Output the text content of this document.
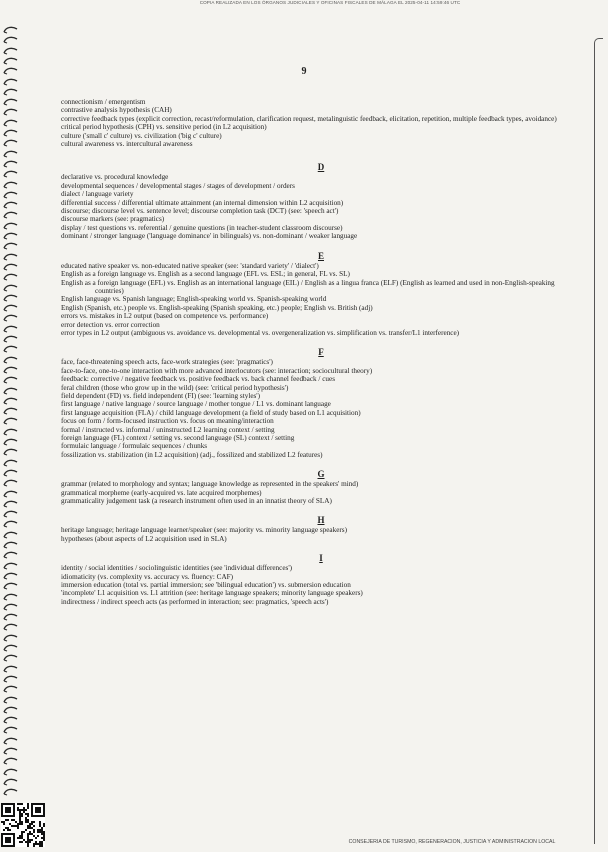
COPIA REALIZADA EN LOS ÓRGANOS JUDICIALES Y OFICINAS FISCALES DE MÁLAGA EL 2025-04-11 14:59:46 UTC
9

connectionism / emergentism

contrastive analysis hypothesis (CAH)

corrective feedback types (explicit correction, recast/reformulation, clarification request, metalinguistic feedback, elicitation, repetition, multiple feedback types, avoidance)

critical period hypothesis (CPH) vs. sensitive period (in L2 acquisition)

culture ('small c' culture) vs. civilization ('big c' culture)

cultural awareness vs. intercultural awareness

D

declarative vs. procedural knowledge

developmental sequences / developmental stages / stages of development / orders

dialect / language variety

differential success / differential ultimate attainment (an internal dimension within L2 acquisition)

discourse; discourse level vs. sentence level; discourse completion task (DCT) (see: 'speech act')

discourse markers (see: pragmatics)

display / test questions vs. referential / genuine questions (in teacher-student classroom discourse)

dominant / stronger language ('language dominance' in bilinguals) vs. non-dominant / weaker language

E

educated native speaker vs. non-educated native speaker (see: 'standard variety' / 'dialect')

English as a foreign language vs. English as a second language (EFL vs. ESL; in general, FL vs. SL)

English as a foreign language (EFL) vs. English as an international language (EIL) / English as a lingua franca (ELF) (English as learned and used in non-English-speaking countries)

English language vs. Spanish language; English-speaking world vs. Spanish-speaking world

English (Spanish, etc.) people vs. English-speaking (Spanish speaking, etc.) people; English vs. British (adj)

errors vs. mistakes in L2 output (based on competence vs. performance)

error detection vs. error correction

error types in L2 output (ambiguous vs. avoidance vs. developmental vs. overgeneralization vs. simplification vs. transfer/L1 interference)

F

face, face-threatening speech acts, face-work strategies (see: 'pragmatics')

face-to-face, one-to-one interaction with more advanced interlocutors (see: interaction; sociocultural theory)

feedback: corrective / negative feedback vs. positive feedback vs. back channel feedback / cues

feral children (those who grow up in the wild) (see: 'critical period hypothesis')

field dependent (FD) vs. field independent (FI) (see: 'learning styles')

first language / native language / source language / mother tongue / L1 vs. dominant language

first language acquisition (FLA) / child language development (a field of study based on L1 acquisition)

focus on form / form-focused instruction vs. focus on meaning/interaction

formal / instructed vs. informal / uninstructed L2 learning context / setting

foreign language (FL) context / setting vs. second language (SL) context / setting

formulaic language / formulaic sequences / chunks

fossilization vs. stabilization (in L2 acquisition) (adj., fossilized and stabilized L2 features)

G

grammar (related to morphology and syntax; language knowledge as represented in the speakers' mind)

grammatical morpheme (early-acquired vs. late acquired morphemes)

grammaticality judgement task (a research instrument often used in an innatist theory of SLA)

H

heritage language; heritage language learner/speaker (see: majority vs. minority language speakers)

hypotheses (about aspects of L2 acquisition used in SLA)

I

identity / social identities / sociolinguistic identities (see 'individual differences')

idiomaticity (vs. complexity vs. accuracy vs. fluency: CAF)

immersion education (total vs. partial immersion; see 'bilingual education') vs. submersion education

'incomplete' L1 acquisition vs. L1 attrition (see: heritage language speakers; minority language speakers)

indirectness / indirect speech acts (as performed in interaction; see: pragmatics, 'speech acts')

CONSEJERIA DE TURISMO, REGENERACION, JUSTICIA Y ADMINISTRACION LOCAL
